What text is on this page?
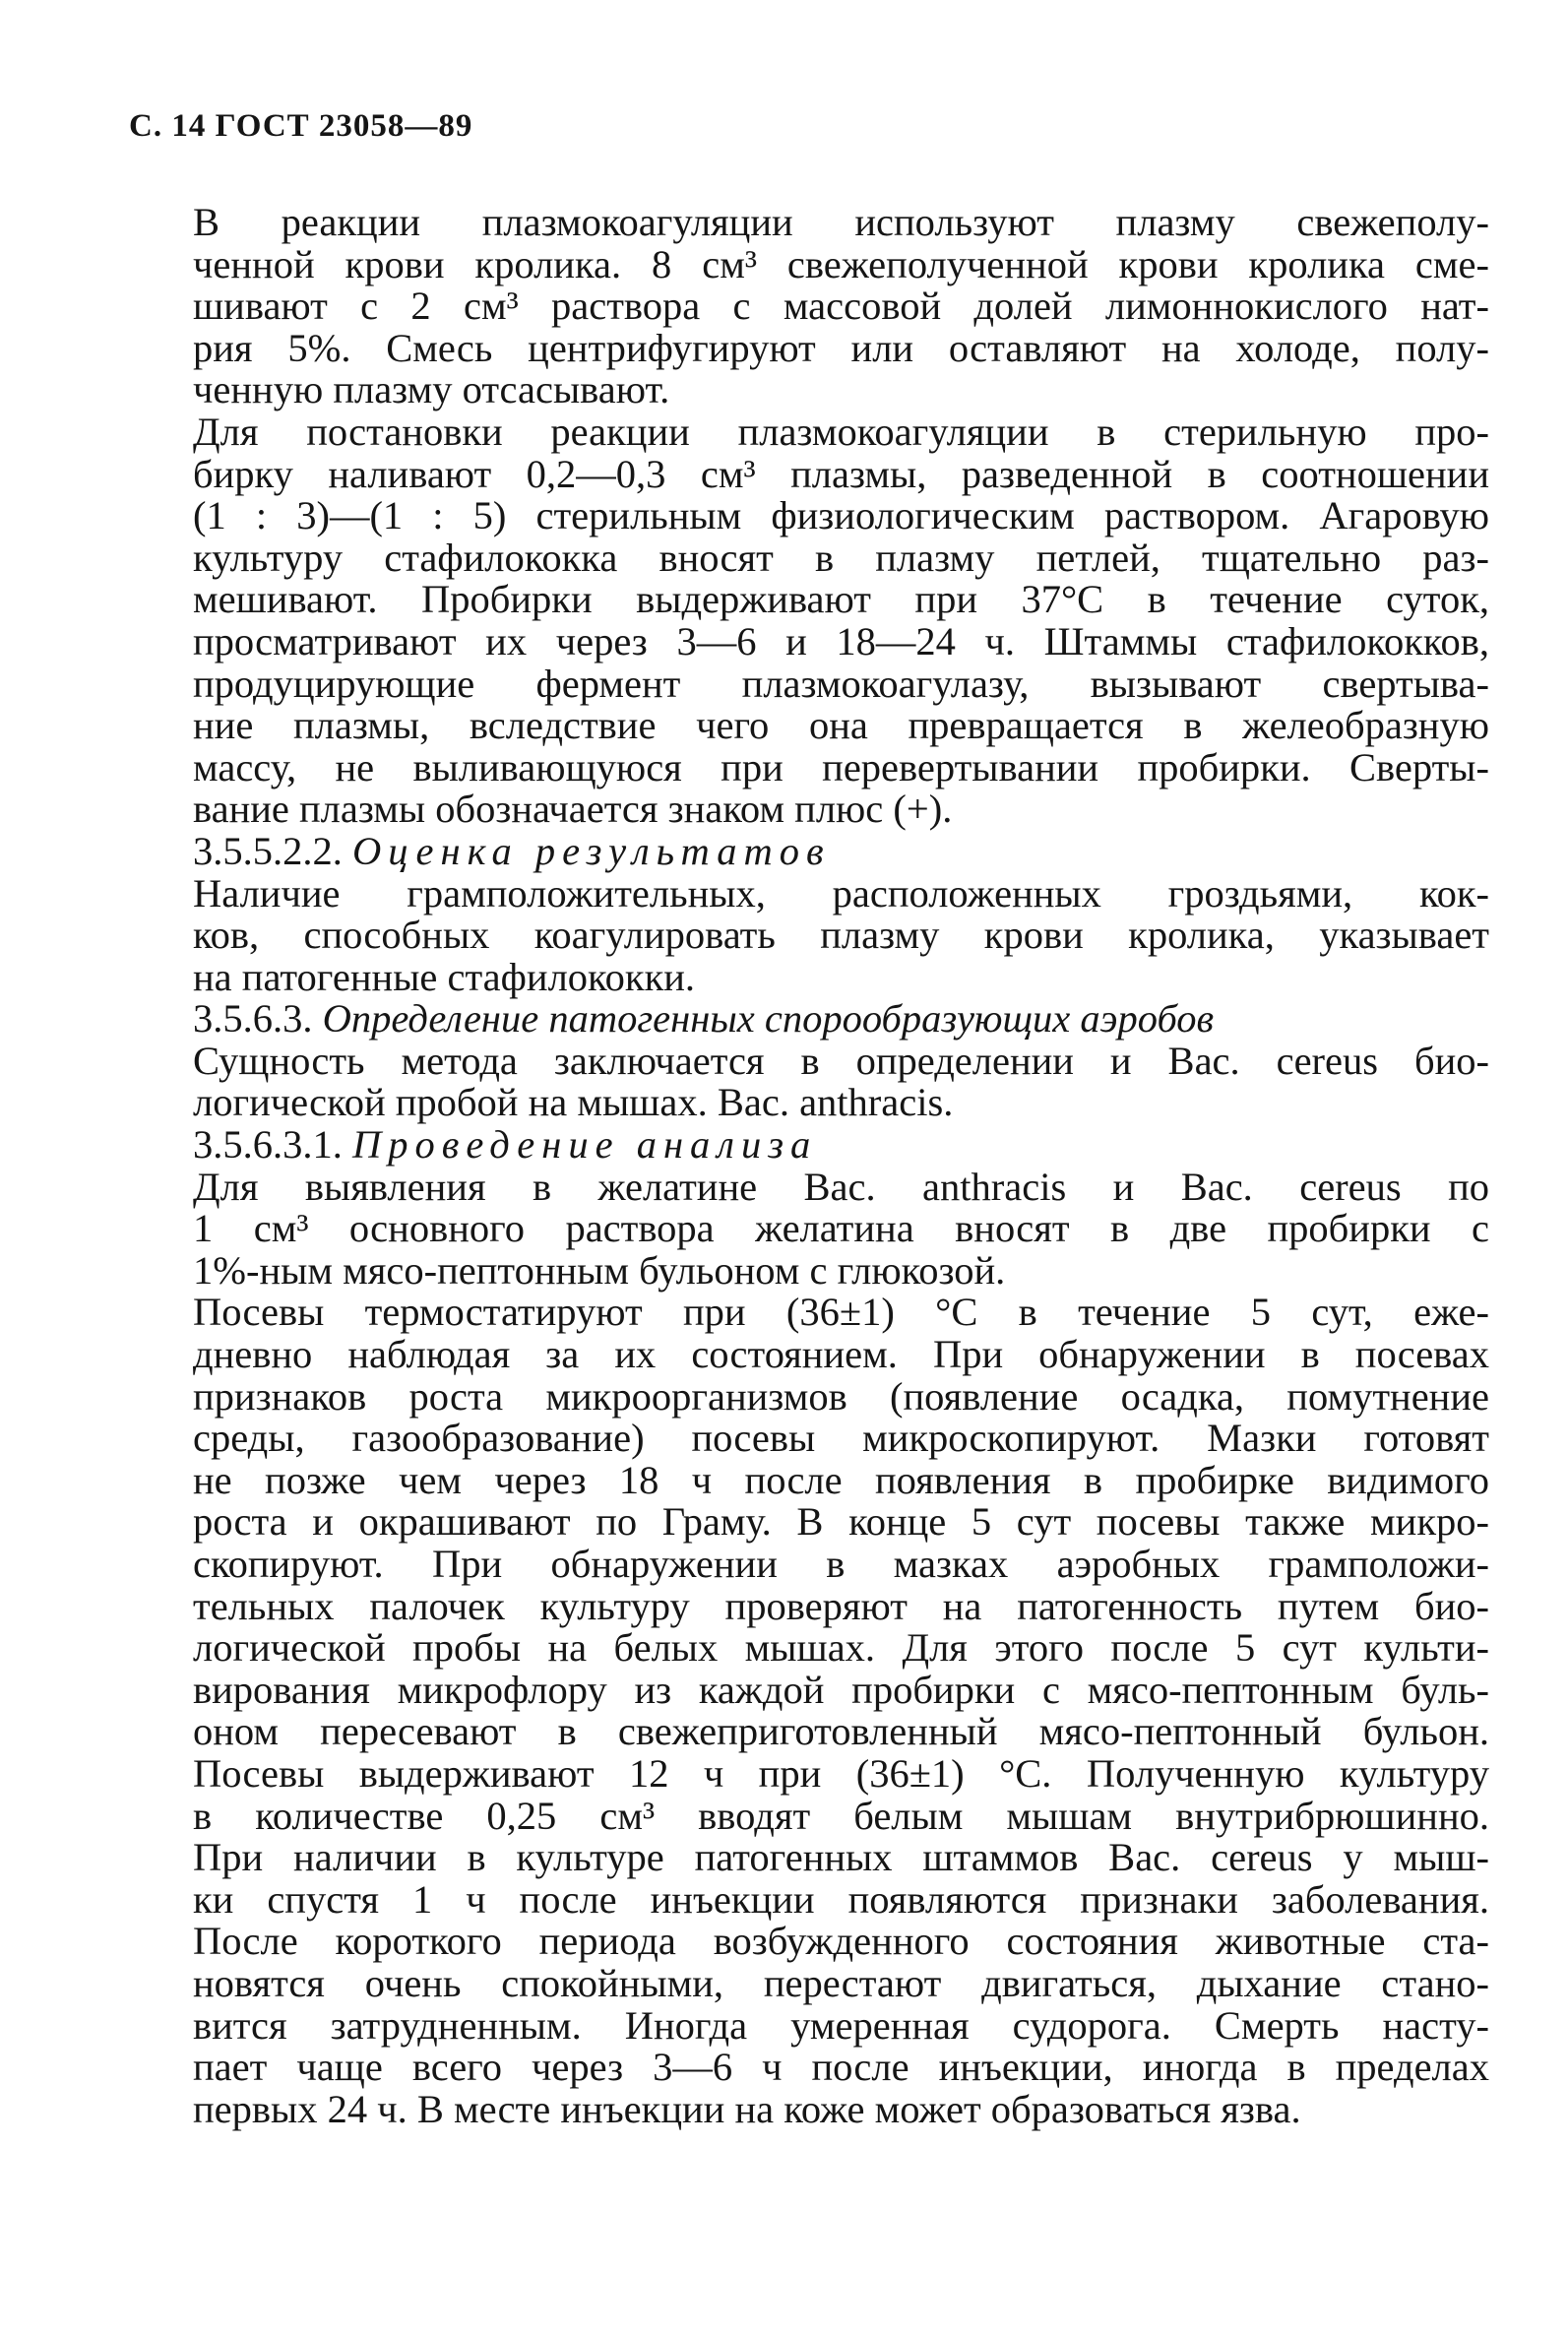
С. 14 ГОСТ 23058—89
В реакции плазмокоагуляции используют плазму свежеполу-
ченной крови кролика. 8 см³ свежеполученной крови кролика сме-
шивают с 2 см³ раствора с массовой долей лимоннокислого нат-
рия 5%. Смесь центрифугируют или оставляют на холоде, полу-
ченную плазму отсасывают.
Для постановки реакции плазмокоагуляции в стерильную про-
бирку наливают 0,2—0,3 см³ плазмы, разведенной в соотношении
(1 : 3)—(1 : 5) стерильным физиологическим раствором. Агаровую
культуру стафилококка вносят в плазму петлей, тщательно раз-
мешивают. Пробирки выдерживают при 37°С в течение суток,
просматривают их через 3—6 и 18—24 ч. Штаммы стафилококков,
продуцирующие фермент плазмокоагулазу, вызывают свертыва-
ние плазмы, вследствие чего она превращается в желеобразную
массу, не выливающуюся при перевертывании пробирки. Сверты-
вание плазмы обозначается знаком плюс (+).
3.5.5.2.2. Оценка результатов
Наличие грамположительных, расположенных гроздьями, кок-
ков, способных коагулировать плазму крови кролика, указывает
на патогенные стафилококки.
3.5.6.3. Определение патогенных спорообразующих аэробов
Сущность метода заключается в определении и Bac. cereus био-
логической пробой на мышах. Bac. anthracis.
3.5.6.3.1. Проведение анализа
Для выявления в желатине Bac. anthracis и Bac. cereus по
1 см³ основного раствора желатина вносят в две пробирки с
1%-ным мясо-пептонным бульоном с глюкозой.
Посевы термостатируют при (36±1) °С в течение 5 сут, еже-
дневно наблюдая за их состоянием. При обнаружении в посевах
признаков роста микроорганизмов (появление осадка, помутнение
среды, газообразование) посевы микроскопируют. Мазки готовят
не позже чем через 18 ч после появления в пробирке видимого
роста и окрашивают по Граму. В конце 5 сут посевы также микро-
скопируют. При обнаружении в мазках аэробных грамположи-
тельных палочек культуру проверяют на патогенность путем био-
логической пробы на белых мышах. Для этого после 5 сут культи-
вирования микрофлору из каждой пробирки с мясо-пептонным буль-
оном пересевают в свежеприготовленный мясо-пептонный бульон.
Посевы выдерживают 12 ч при (36±1) °С. Полученную культуру
в количестве 0,25 см³ вводят белым мышам внутрибрюшинно.
При наличии в культуре патогенных штаммов Bac. cereus у мыш-
ки спустя 1 ч после инъекции появляются признаки заболевания.
После короткого периода возбужденного состояния животные ста-
новятся очень спокойными, перестают двигаться, дыхание стано-
вится затрудненным. Иногда умеренная судорога. Смерть насту-
пает чаще всего через 3—6 ч после инъекции, иногда в пределах
первых 24 ч. В месте инъекции на коже может образоваться язва.
